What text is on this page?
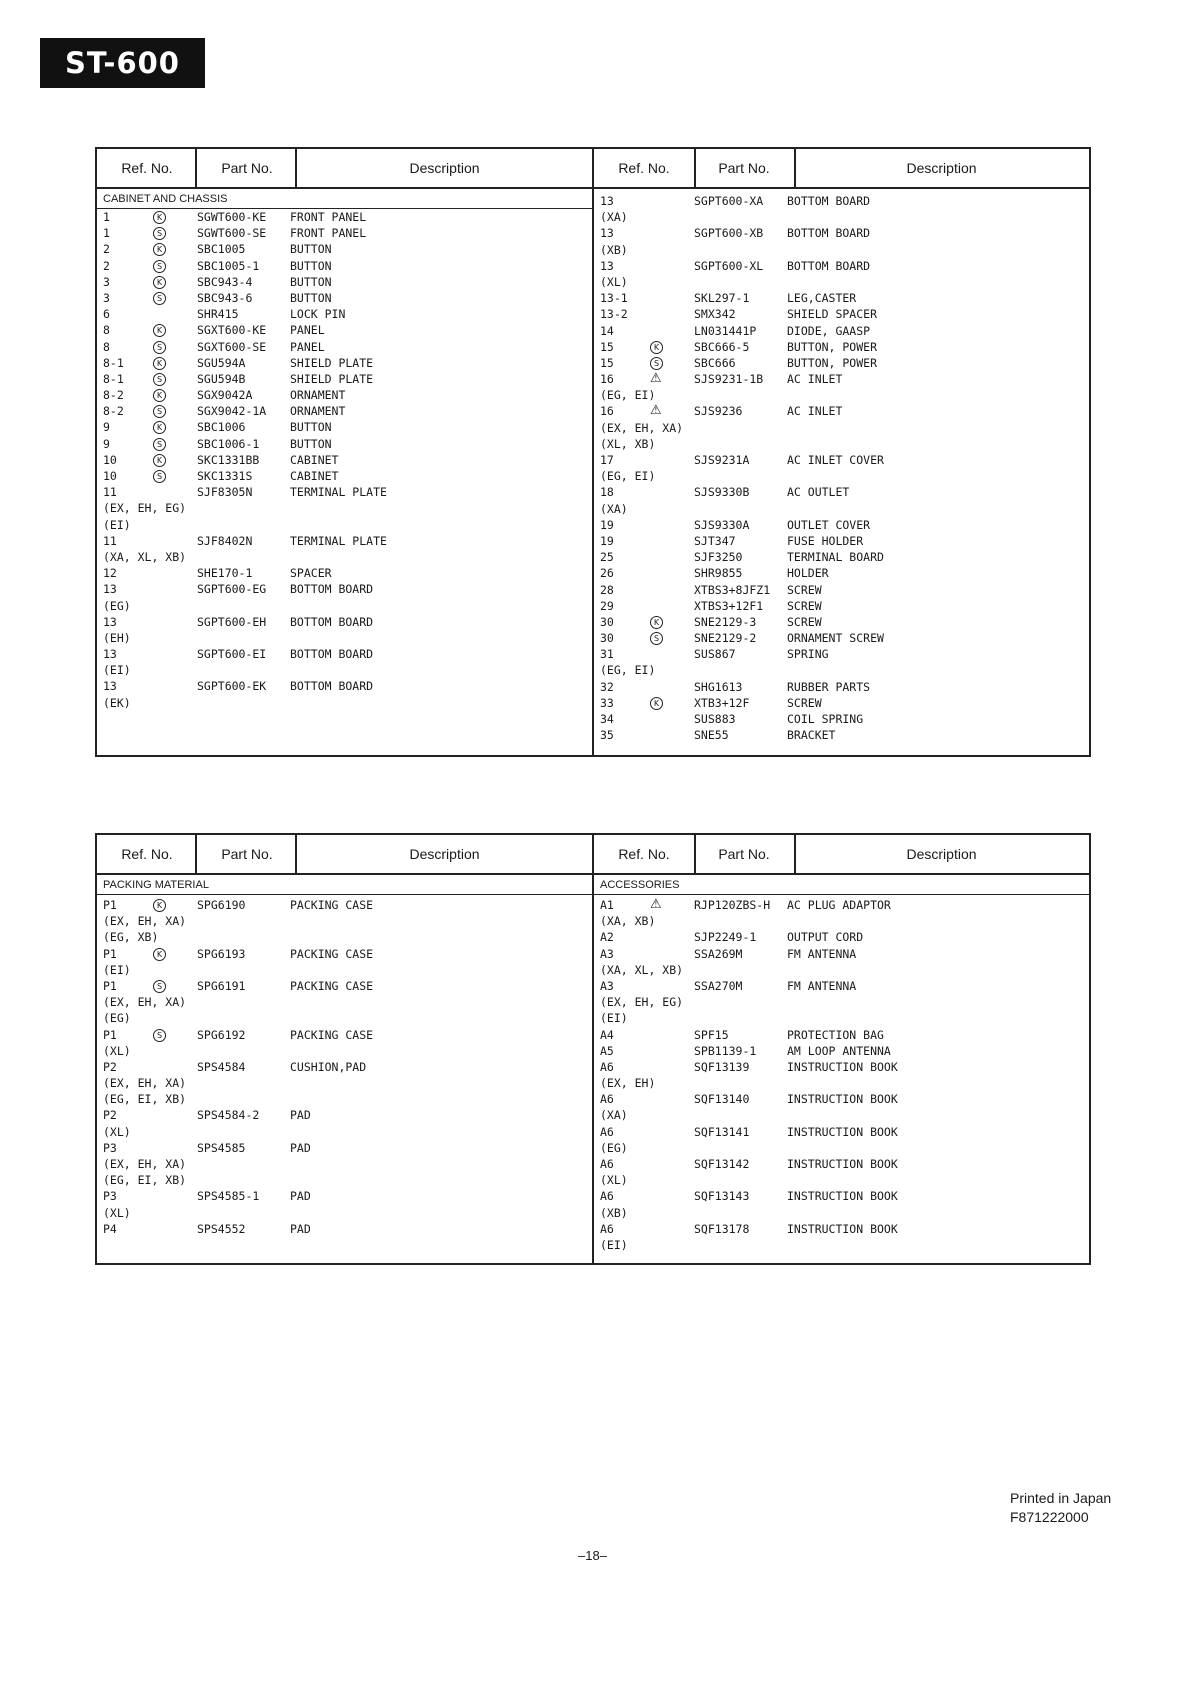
ST-600
Ref. No.	Part No.	Description	Ref. No.	Part No.	Description
CABINET AND CHASSIS
1	K	SGWT600-KE FRONT PANEL
1	S	SGWT600-SE FRONT PANEL
2	K	SBC1005	BUTTON
2	S	SBC1005-1	BUTTON
3	K	SBC943-4	BUTTON
3	S	SBC943-6	BUTTON
6	SHR415	LOCK PIN
8	K	SGXT600-KE PANEL
8	S	SGXT600-SE PANEL
8-1	K	SGU594A	SHIELD PLATE
8-1	S	SGU594B	SHIELD PLATE
8-2	K	SGX9042A	ORNAMENT
8-2	S	SGX9042-1A ORNAMENT
9	K	SBC1006	BUTTON
9	S	SBC1006-1	BUTTON
10	K	SKC1331BB	CABINET
10	S	SKC1331S	CABINET
11	SJF8305N	TERMINAL PLATE
(EX, EH, EG)
(EI)
11	SJF8402N	TERMINAL PLATE
(XA, XL, XB)
12	SHE170-1	SPACER
13	SGPT600-EG BOTTOM BOARD
(EG)
13	SGPT600-EH BOTTOM BOARD
(EH)
13	SGPT600-EI BOTTOM BOARD
(EI)
13	SGPT600-EK BOTTOM BOARD
(EK)
13	SGPT600-XA BOTTOM BOARD
(XA)
13	SGPT600-XB BOTTOM BOARD
(XB)
13	SGPT600-XL BOTTOM BOARD
(XL)
13-1	SKL297-1	LEG,CASTER
13-2	SMX342	SHIELD SPACER
14	LN031441P	DIODE, GAASP
15	K	SBC666-5	BUTTON, POWER
15	S	SBC666	BUTTON, POWER
16	⚠	SJS9231-1B AC INLET
(EG, EI)
16	⚠	SJS9236	AC INLET
(EX, EH, XA)
(XL, XB)
17	SJS9231A	AC INLET COVER
(EG, EI)
18	SJS9330B	AC OUTLET
(XA)
19	SJS9330A	OUTLET COVER
19	SJT347	FUSE HOLDER
25	SJF3250	TERMINAL BOARD
26	SHR9855	HOLDER
28	XTBS3+8JFZ1 SCREW
29	XTBS3+12F1 SCREW
30	K	SNE2129-3	SCREW
30	S	SNE2129-2	ORNAMENT SCREW
31	SUS867	SPRING
(EG, EI)
32	SHG1613	RUBBER PARTS
33	K	XTB3+12F	SCREW
34	SUS883	COIL SPRING
35	SNE55	BRACKET
Ref. No.	Part No.	Description	Ref. No.	Part No.	Description
PACKING MATERIAL	ACCESSORIES
P1	K	SPG6190	PACKING CASE
(EX, EH, XA)
(EG, XB)
P1	K	SPG6193	PACKING CASE
(EI)
P1	S	SPG6191	PACKING CASE
(EX, EH, XA)
(EG)
P1	S	SPG6192	PACKING CASE
(XL)
P2	SPS4584	CUSHION,PAD
(EX, EH, XA)
(EG, EI, XB)
P2	SPS4584-2	PAD
(XL)
P3	SPS4585	PAD
(EX, EH, XA)
(EG, EI, XB)
P3	SPS4585-1	PAD
(XL)
P4	SPS4552	PAD
A1	⚠	RJP120ZBS-H AC PLUG ADAPTOR
(XA, XB)
A2	SJP2249-1	OUTPUT CORD
A3	SSA269M	FM ANTENNA
(XA, XL, XB)
A3	SSA270M	FM ANTENNA
(EX, EH, EG)
(EI)
A4	SPF15	PROTECTION BAG
A5	SPB1139-1	AM LOOP ANTENNA
A6	SQF13139	INSTRUCTION BOOK
(EX, EH)
A6	SQF13140	INSTRUCTION BOOK
(XA)
A6	SQF13141	INSTRUCTION BOOK
(EG)
A6	SQF13142	INSTRUCTION BOOK
(XL)
A6	SQF13143	INSTRUCTION BOOK
(XB)
A6	SQF13178	INSTRUCTION BOOK
(EI)
Printed in Japan
F871222000
–18–
